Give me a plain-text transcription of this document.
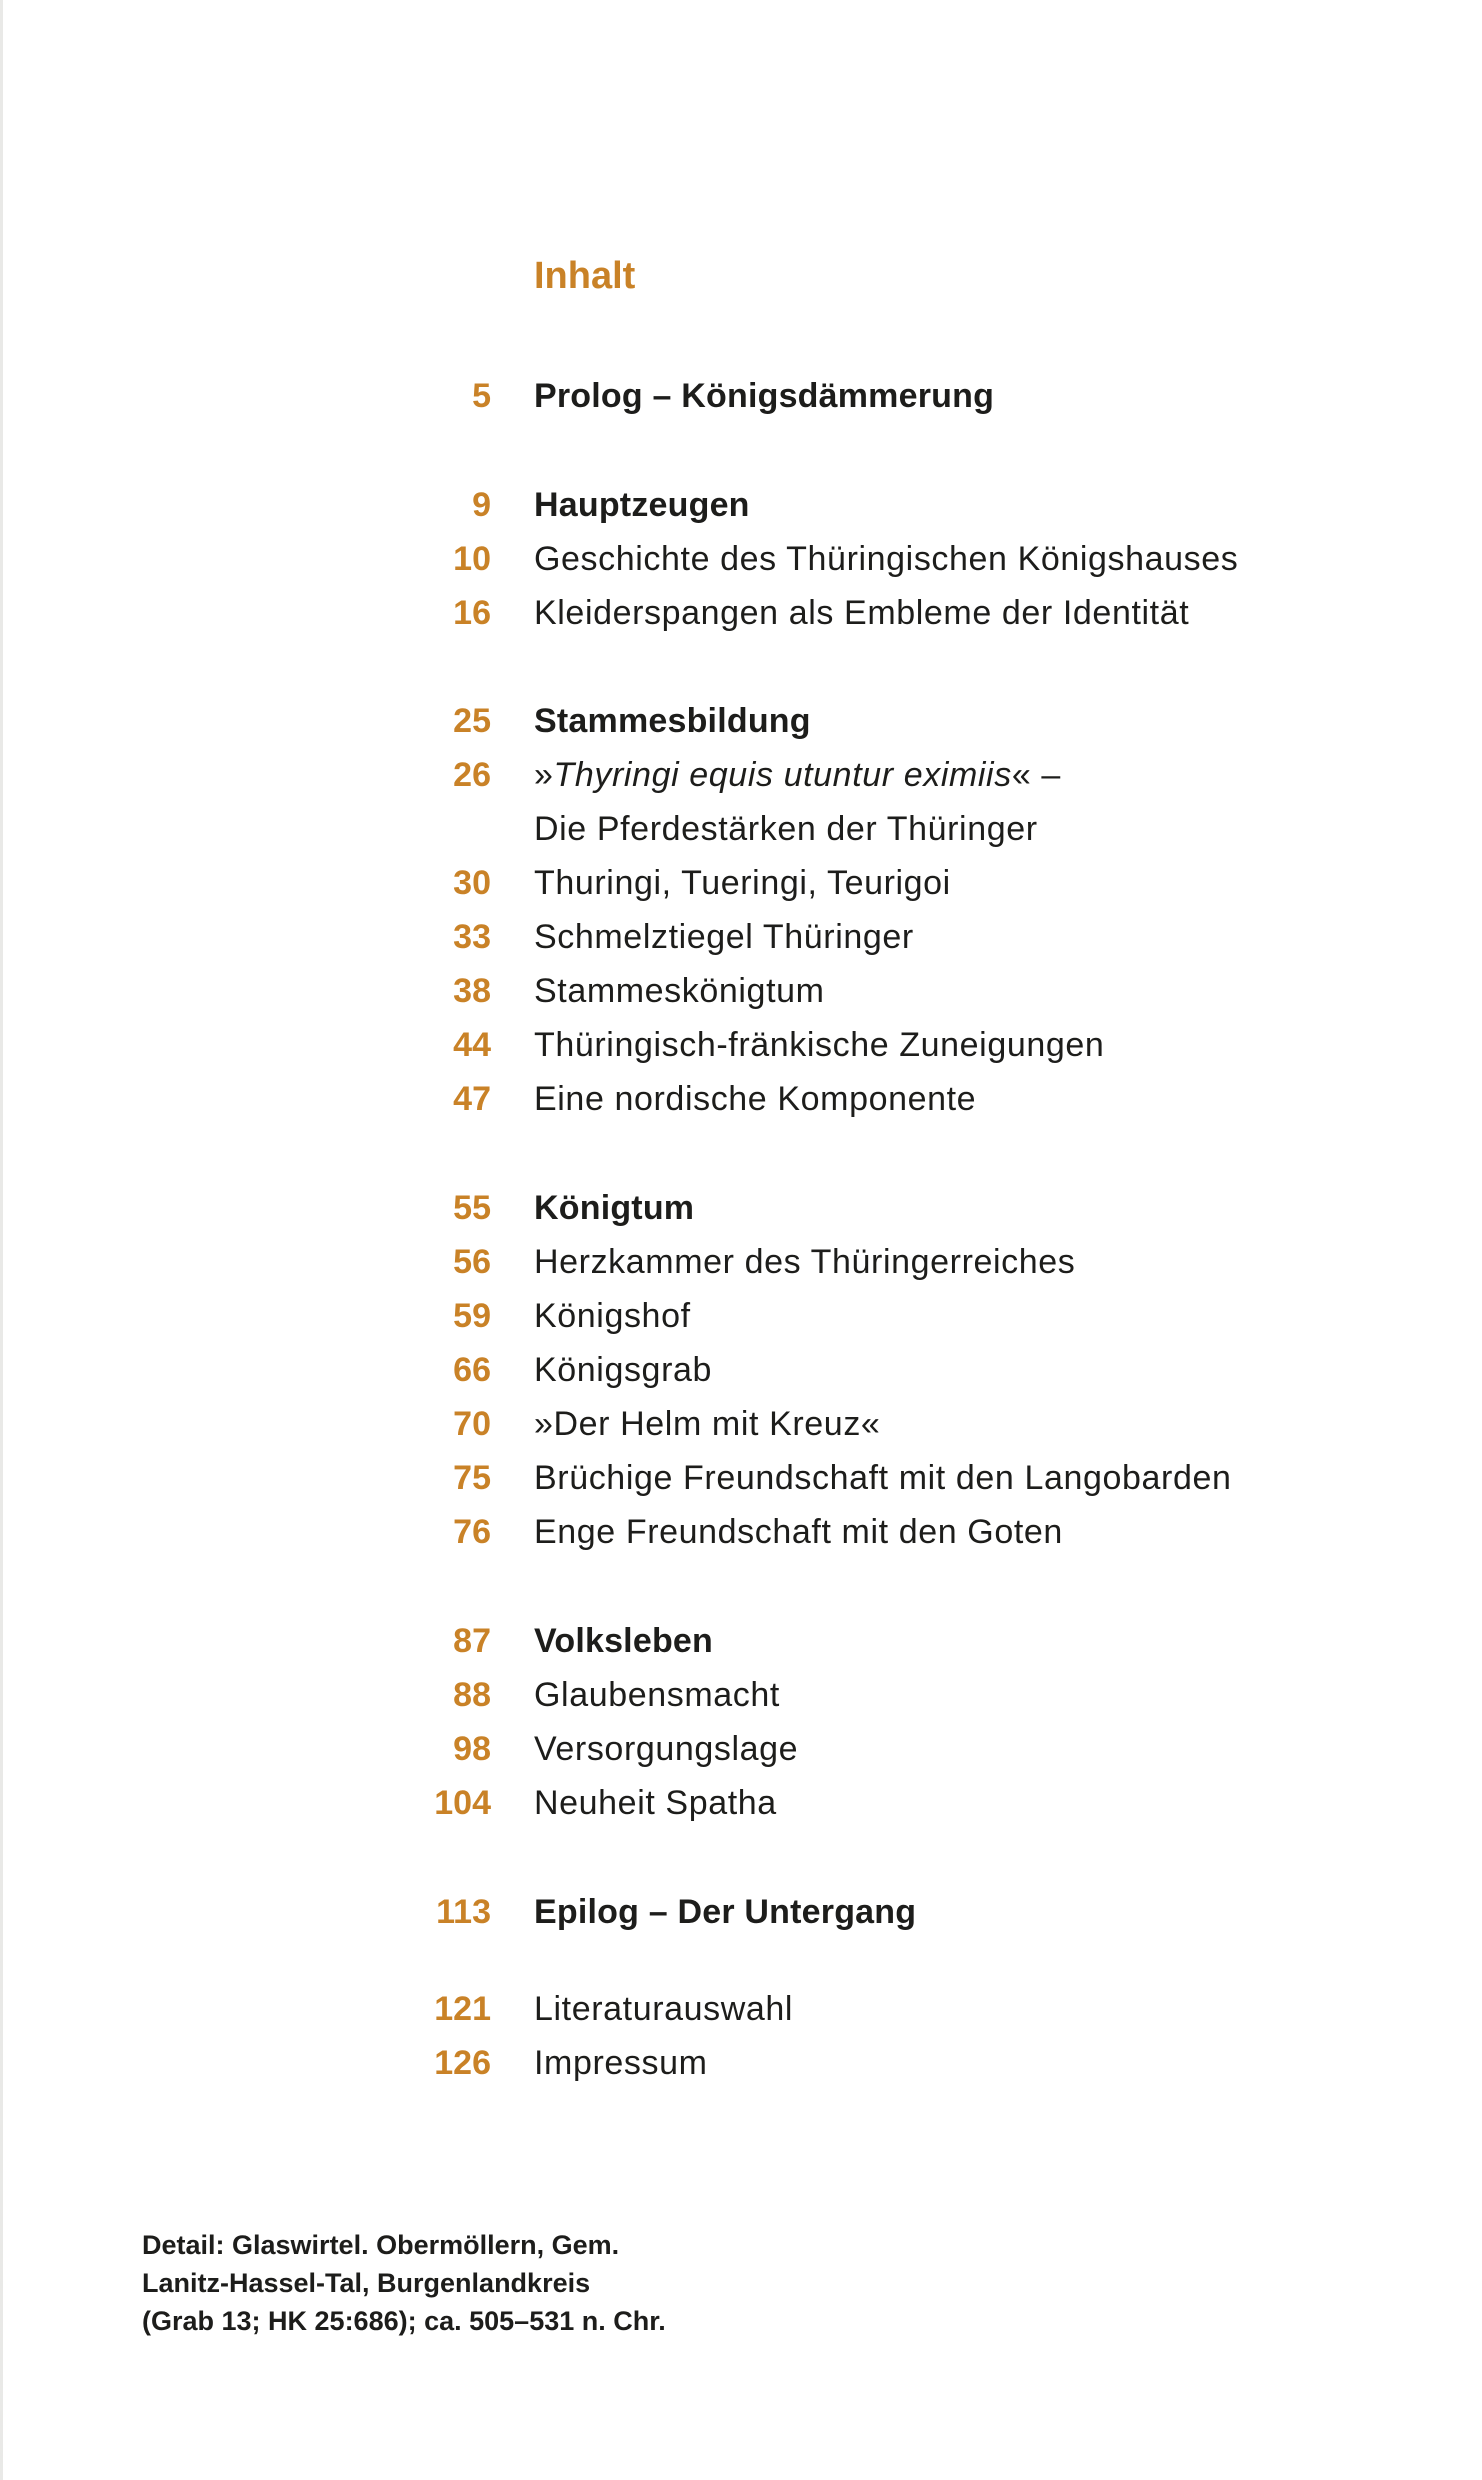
Inhalt
5 Prolog – Königsdämmerung
9 Hauptzeugen
10 Geschichte des Thüringischen Königshauses
16 Kleiderspangen als Embleme der Identität
25 Stammesbildung
26 »Thyringi equis utuntur eximiis« –
Die Pferdestärken der Thüringer
30 Thuringi, Tueringi, Teurigoi
33 Schmelztiegel Thüringer
38 Stammeskönigtum
44 Thüringisch-fränkische Zuneigungen
47 Eine nordische Komponente
55 Königtum
56 Herzkammer des Thüringerreiches
59 Königshof
66 Königsgrab
70 »Der Helm mit Kreuz«
75 Brüchige Freundschaft mit den Langobarden
76 Enge Freundschaft mit den Goten
87 Volksleben
88 Glaubensmacht
98 Versorgungslage
104 Neuheit Spatha
113 Epilog – Der Untergang
121 Literaturauswahl
126 Impressum
Detail: Glaswirtel. Obermöllern, Gem.
Lanitz-Hassel-Tal, Burgenlandkreis
(Grab 13; HK 25:686); ca. 505–531 n. Chr.
